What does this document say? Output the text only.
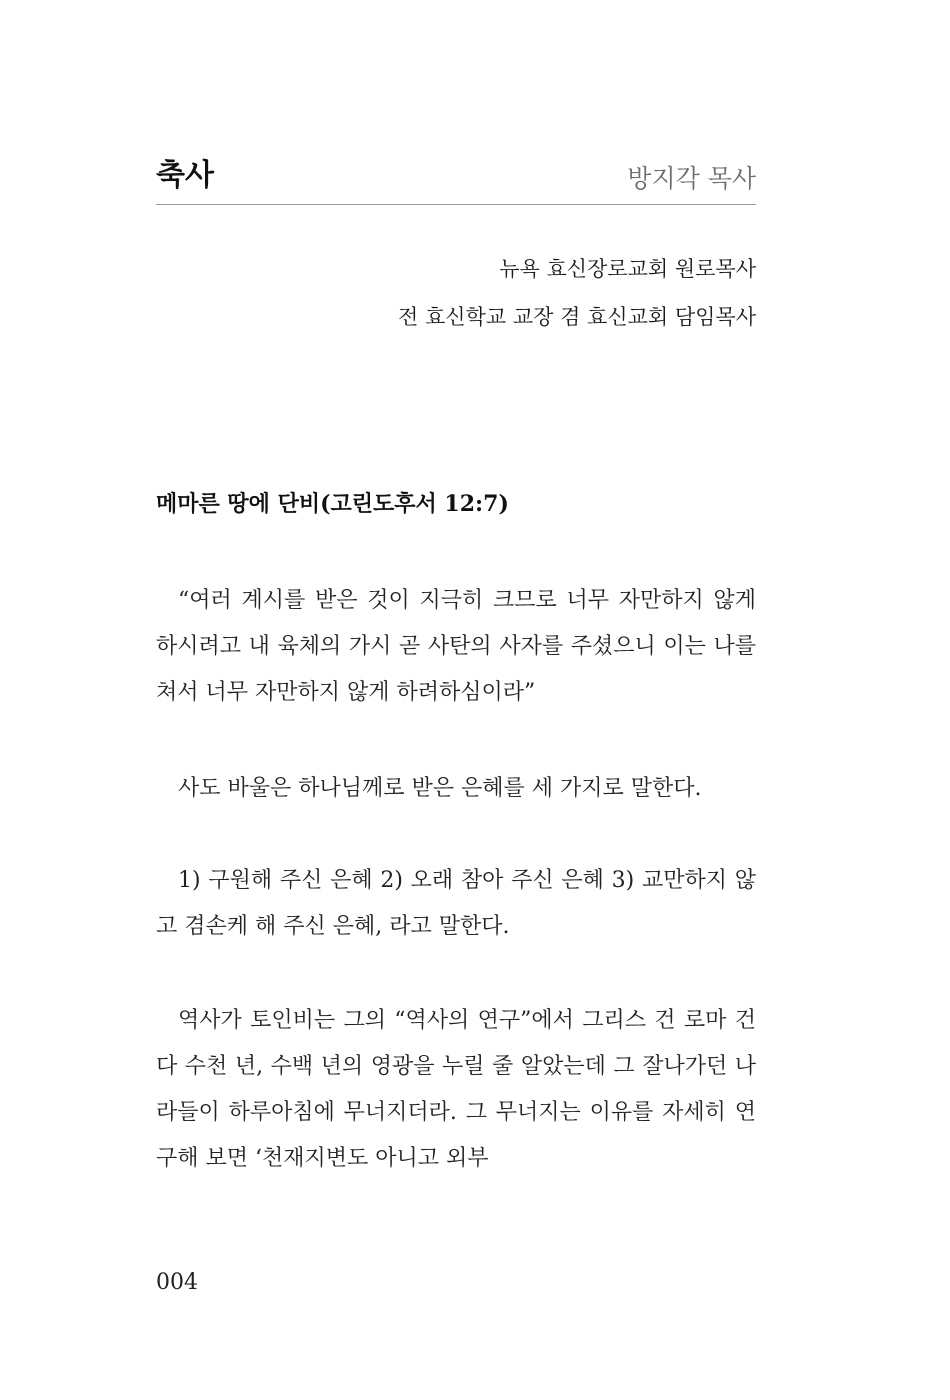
축사	방지각 목사
뉴욕 효신장로교회 원로목사
전 효신학교 교장 겸 효신교회 담임목사
메마른 땅에 단비(고린도후서 12:7)

“여러 계시를 받은 것이 지극히 크므로 너무 자만하지 않게 하시려고 내 육체의 가시 곧 사탄의 사자를 주셨으니 이는 나를 쳐서 너무 자만하지 않게 하려하심이라”

사도 바울은 하나님께로 받은 은혜를 세 가지로 말한다.

1) 구원해 주신 은혜 2) 오래 참아 주신 은혜 3) 교만하지 않고 겸손케 해 주신 은혜, 라고 말한다.

역사가 토인비는 그의 “역사의 연구”에서 그리스 건 로마 건 다 수천 년, 수백 년의 영광을 누릴 줄 알았는데 그 잘나가던 나라들이 하루아침에 무너지더라. 그 무너지는 이유를 자세히 연구해 보면 ‘천재지변도 아니고 외부

004
